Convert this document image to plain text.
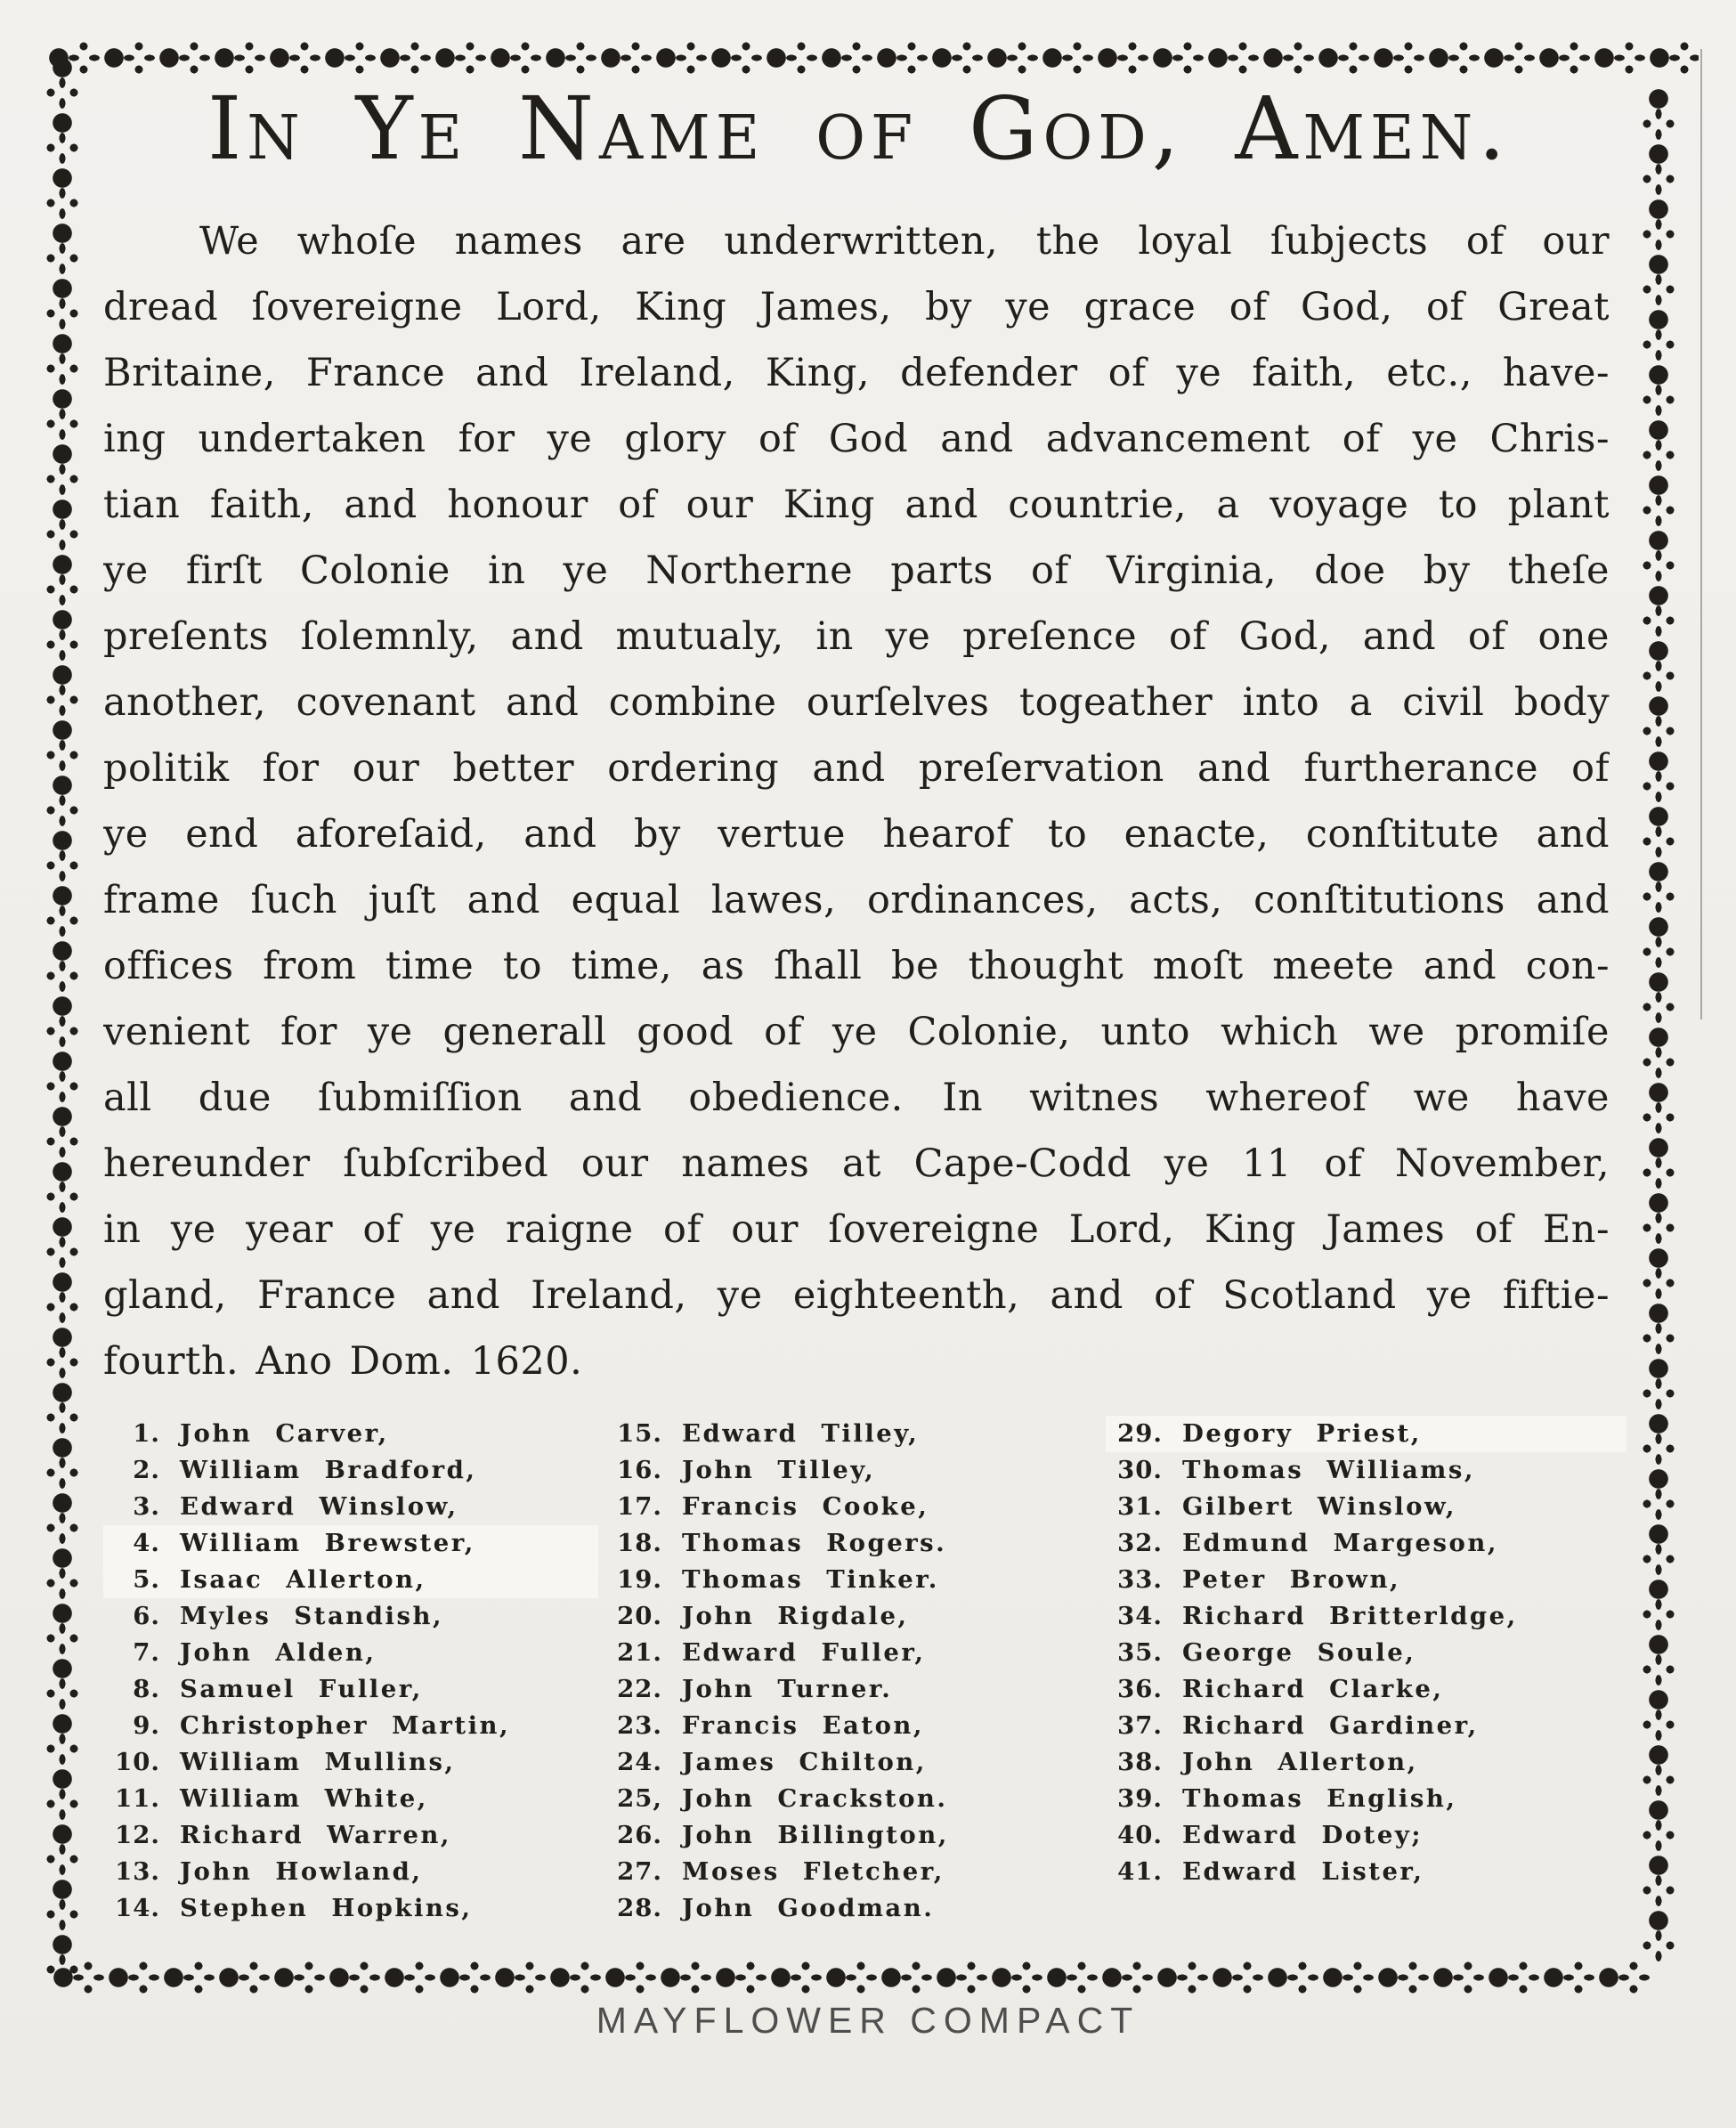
In Ye Name of God, Amen.
We whoſe names are underwritten, the loyal ſubjects of our
dread ſovereigne Lord, King James, by ye grace of God, of Great
Britaine, France and Ireland, King, defender of ye faith, etc., have-
ing undertaken for ye glory of God and advancement of ye Chris-
tian faith, and honour of our King and countrie, a voyage to plant
ye firſt Colonie in ye Northerne parts of Virginia, doe by theſe
preſents ſolemnly, and mutualy, in ye preſence of God, and of one
another, covenant and combine ourſelves togeather into a civil body
politik for our better ordering and preſervation and furtherance of
ye end aforeſaid, and by vertue hearof to enacte, conſtitute and
frame ſuch juſt and equal lawes, ordinances, acts, conſtitutions and
offices from time to time, as ſhall be thought moſt meete and con-
venient for ye generall good of ye Colonie, unto which we promiſe
all due ſubmiſſion and obedience. In witnes whereof we have
hereunder ſubſcribed our names at Cape-Codd ye 11 of November,
in ye year of ye raigne of our ſovereigne Lord, King James of En-
gland, France and Ireland, ye eighteenth, and of Scotland ye fiftie-
fourth. Ano Dom. 1620.
1. John Carver,
2. William Bradford,
3. Edward Winslow,
4. William Brewster,
5. Isaac Allerton,
6. Myles Standish,
7. John Alden,
8. Samuel Fuller,
9. Christopher Martin,
10. William Mullins,
11. William White,
12. Richard Warren,
13. John Howland,
14. Stephen Hopkins,
15. Edward Tilley,
16. John Tilley,
17. Francis Cooke,
18. Thomas Rogers.
19. Thomas Tinker.
20. John Rigdale,
21. Edward Fuller,
22. John Turner.
23. Francis Eaton,
24. James Chilton,
25, John Crackston.
26. John Billington,
27. Moses Fletcher,
28. John Goodman.
29. Degory Priest,
30. Thomas Williams,
31. Gilbert Winslow,
32. Edmund Margeson,
33. Peter Brown,
34. Richard Britterldge,
35. George Soule,
36. Richard Clarke,
37. Richard Gardiner,
38. John Allerton,
39. Thomas English,
40. Edward Dotey;
41. Edward Lister,
MAYFLOWER COMPACT
